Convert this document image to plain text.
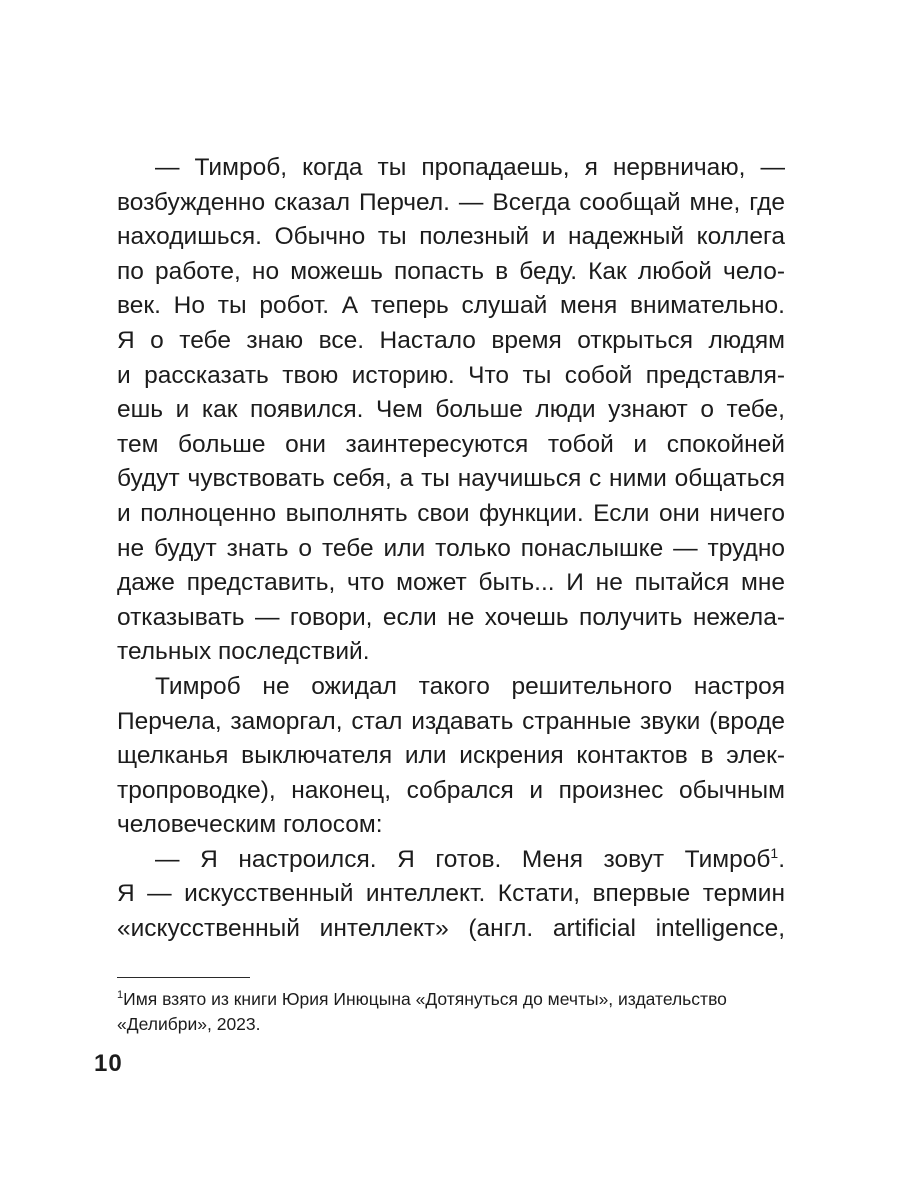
— Тимроб, когда ты пропадаешь, я нервничаю, —
возбужденно сказал Перчел. — Всегда сообщай мне, где
находишься. Обычно ты полезный и надежный коллега
по работе, но можешь попасть в беду. Как любой чело-
век. Но ты робот. А теперь слушай меня внимательно.
Я о тебе знаю все. Настало время открыться людям
и рассказать твою историю. Что ты собой представля-
ешь и как появился. Чем больше люди узнают о тебе,
тем больше они заинтересуются тобой и спокойней
будут чувствовать себя, а ты научишься с ними общаться
и полноценно выполнять свои функции. Если они ничего
не будут знать о тебе или только понаслышке — трудно
даже представить, что может быть... И не пытайся мне
отказывать — говори, если не хочешь получить нежела-
тельных последствий.
Тимроб не ожидал такого решительного настроя
Перчела, заморгал, стал издавать странные звуки (вроде
щелканья выключателя или искрения контактов в элек-
тропроводке), наконец, собрался и произнес обычным
человеческим голосом:
— Я настроился. Я готов. Меня зовут Тимроб$^1$.
Я — искусственный интеллект. Кстати, впервые термин
«искусственный интеллект» (англ. artificial intelligence,
$^1$Имя взято из книги Юрия Инюцына «Дотянуться до мечты», издательство
«Делибри», 2023.
10
